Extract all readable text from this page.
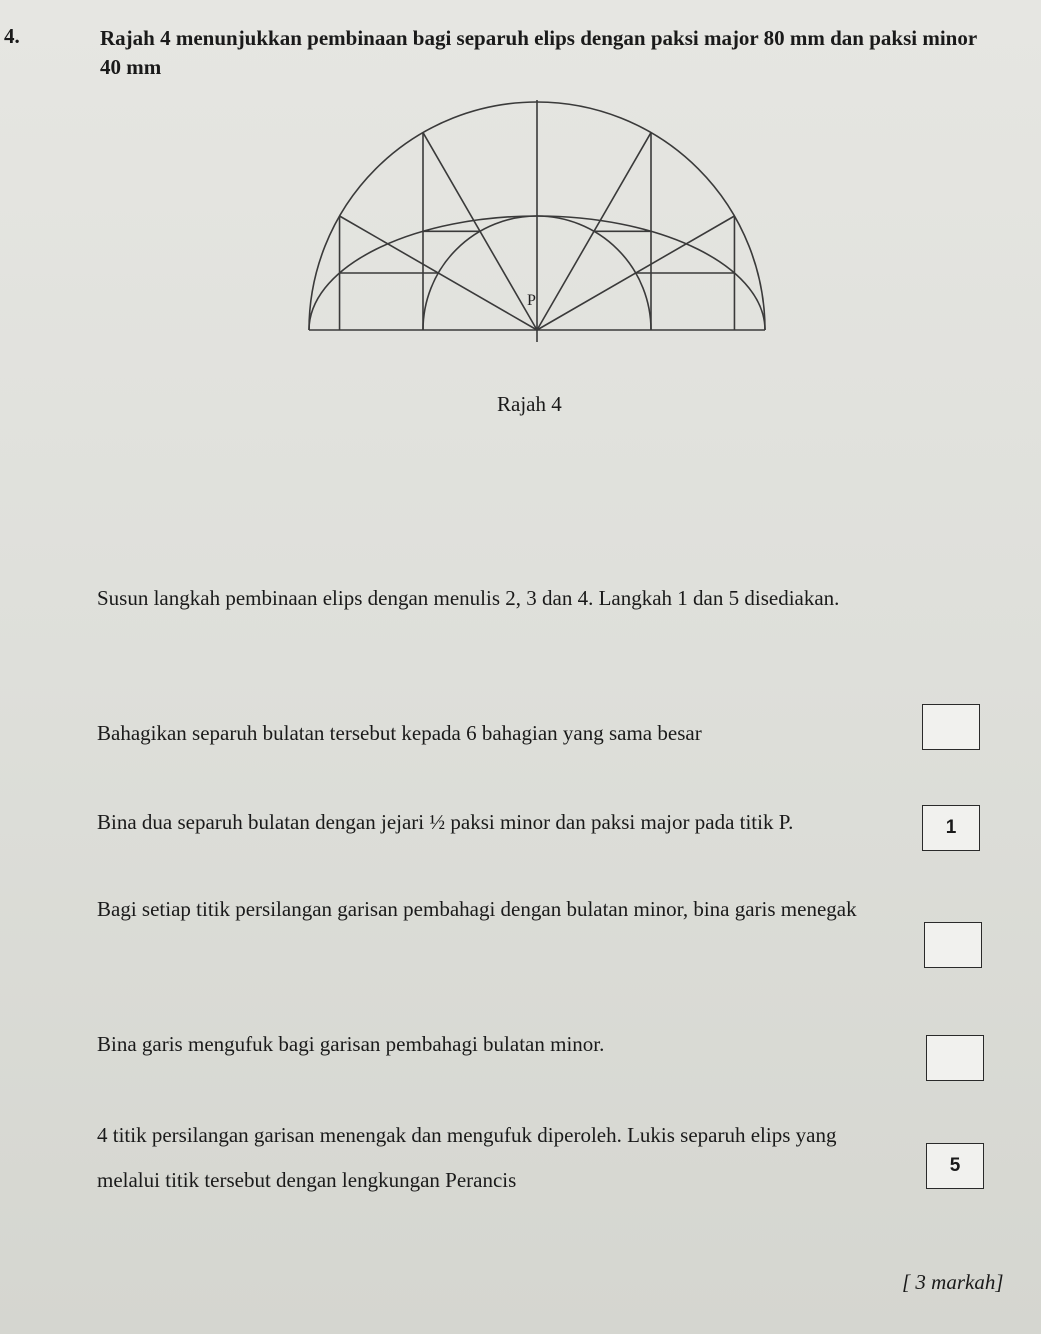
4.	Rajah 4 menunjukkan pembinaan bagi separuh elips dengan paksi major 80 mm dan paksi minor 40 mm
P
Rajah 4
Susun langkah pembinaan elips dengan menulis 2, 3 dan 4. Langkah 1 dan 5 disediakan.
Bahagikan separuh bulatan tersebut kepada 6 bahagian yang sama besar
Bina dua separuh bulatan dengan jejari ½ paksi minor dan paksi major pada titik P.	1
Bagi setiap titik persilangan garisan pembahagi dengan bulatan minor, bina garis menegak
Bina garis mengufuk bagi garisan pembahagi bulatan minor.
4 titik persilangan garisan menengak dan mengufuk diperoleh. Lukis separuh elips yang melalui titik tersebut dengan lengkungan Perancis
5
[ 3 markah]
